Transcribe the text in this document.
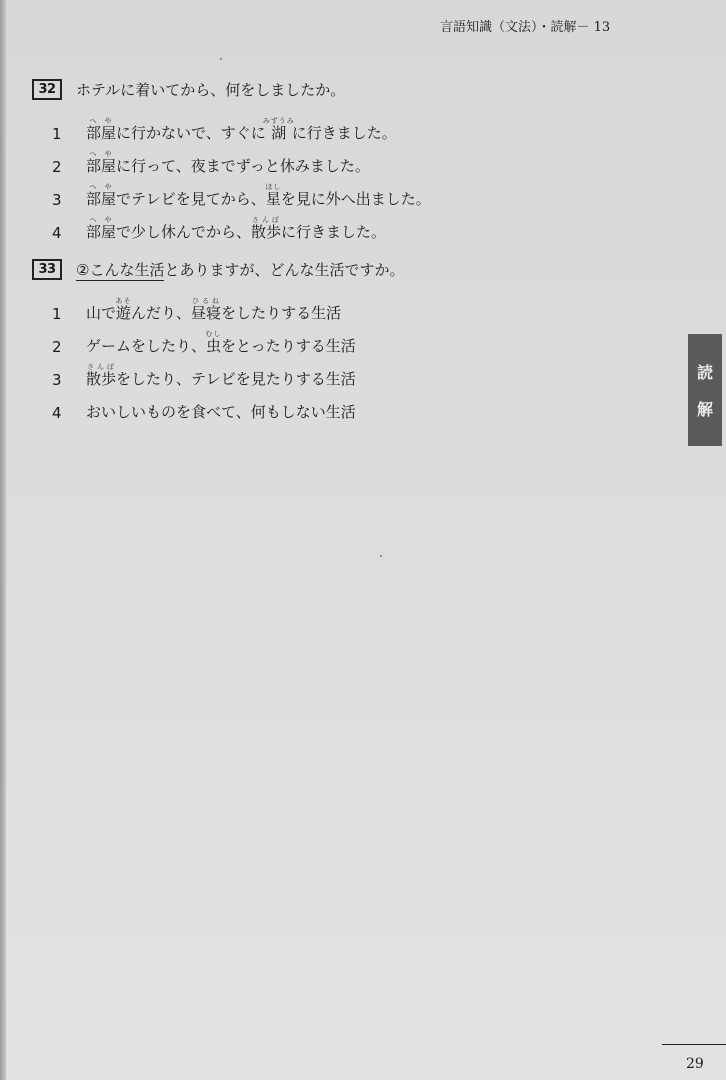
言語知識（文法）・読解－ 13
読
解
32	ホテルに着いてから、何をしましたか。
1	部屋へやに行かないで、すぐに湖みずうみに行きました。
2	部屋へやに行って、夜までずっと休みました。
3	部屋へやでテレビを見てから、星ほしを見に外へ出ました。
4	部屋へやで少し休んでから、散歩さんぽに行きました。
33	②こんな生活とありますが、どんな生活ですか。
1	山で遊あそんだり、昼寝ひるねをしたりする生活
2	ゲームをしたり、虫むしをとったりする生活
3	散歩さんぽをしたり、テレビを見たりする生活
4	おいしいものを食べて、何もしない生活
29
